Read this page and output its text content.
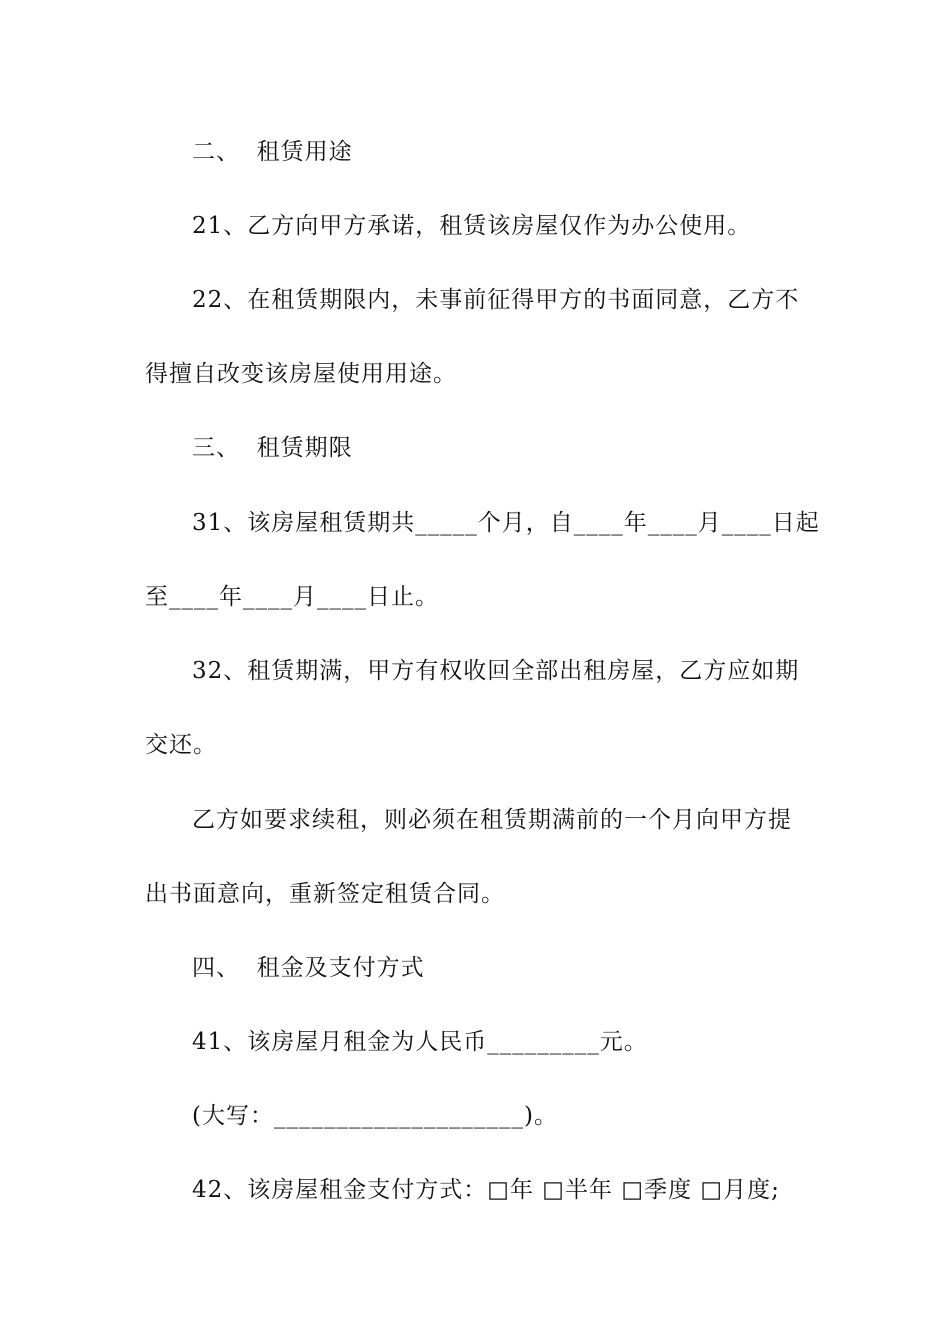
二、  租赁用途
21、乙方向甲方承诺，租赁该房屋仅作为办公使用。
22、在租赁期限内，未事前征得甲方的书面同意，乙方不
得擅自改变该房屋使用用途。
三、  租赁期限
31、该房屋租赁期共_____个月，自____年____月____日起
至____年____月____日止。
32、租赁期满，甲方有权收回全部出租房屋，乙方应如期
交还。
乙方如要求续租，则必须在租赁期满前的一个月向甲方提
出书面意向，重新签定租赁合同。
四、  租金及支付方式
41、该房屋月租金为人民币_________元。
(大写：____________________)。
42、该房屋租金支付方式：□年 □半年 □季度 □月度;
